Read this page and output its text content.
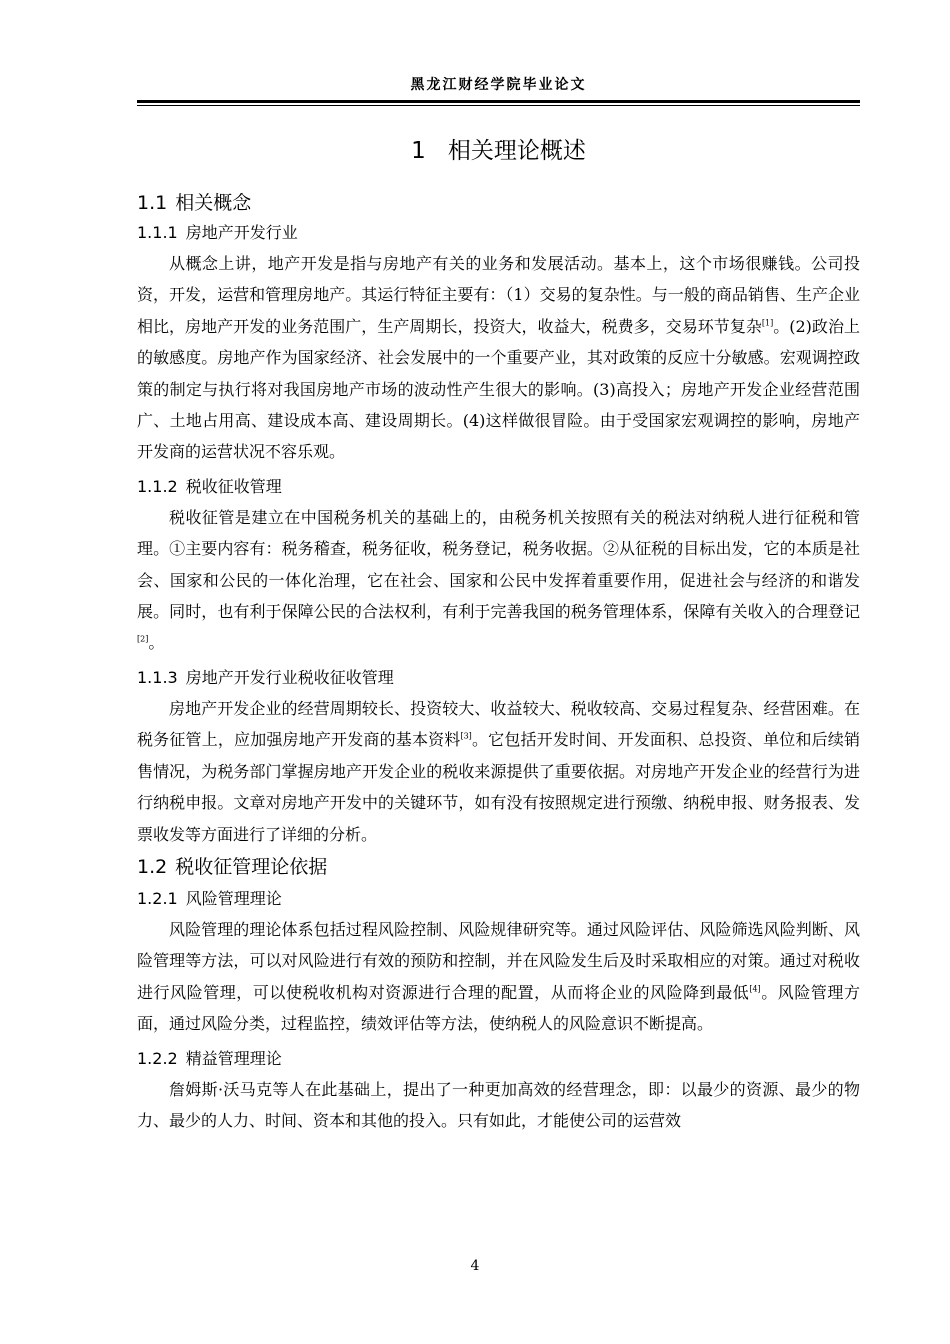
黑龙江财经学院毕业论文
1 相关理论概述
1.1 相关概念
1.1.1 房地产开发行业

从概念上讲，地产开发是指与房地产有关的业务和发展活动。基本上，这个市场很赚钱。公司投资，开发，运营和管理房地产。其运行特征主要有：（1）交易的复杂性。与一般的商品销售、生产企业相比，房地产开发的业务范围广，生产周期长，投资大，收益大，税费多，交易环节复杂[1]。(2)政治上的敏感度。房地产作为国家经济、社会发展中的一个重要产业，其对政策的反应十分敏感。宏观调控政策的制定与执行将对我国房地产市场的波动性产生很大的影响。(3)高投入；房地产开发企业经营范围广、土地占用高、建设成本高、建设周期长。(4)这样做很冒险。由于受国家宏观调控的影响，房地产开发商的运营状况不容乐观。

1.1.2 税收征收管理

税收征管是建立在中国税务机关的基础上的，由税务机关按照有关的税法对纳税人进行征税和管理。①主要内容有：税务稽查，税务征收，税务登记，税务收据。②从征税的目标出发，它的本质是社会、国家和公民的一体化治理，它在社会、国家和公民中发挥着重要作用，促进社会与经济的和谐发展。同时，也有利于保障公民的合法权利，有利于完善我国的税务管理体系，保障有关收入的合理登记[2]。

1.1.3 房地产开发行业税收征收管理

房地产开发企业的经营周期较长、投资较大、收益较大、税收较高、交易过程复杂、经营困难。在税务征管上，应加强房地产开发商的基本资料[3]。它包括开发时间、开发面积、总投资、单位和后续销售情况，为税务部门掌握房地产开发企业的税收来源提供了重要依据。对房地产开发企业的经营行为进行纳税申报。文章对房地产开发中的关键环节，如有没有按照规定进行预缴、纳税申报、财务报表、发票收发等方面进行了详细的分析。

1.2 税收征管理论依据
1.2.1 风险管理理论

风险管理的理论体系包括过程风险控制、风险规律研究等。通过风险评估、风险筛选风险判断、风险管理等方法，可以对风险进行有效的预防和控制，并在风险发生后及时采取相应的对策。通过对税收进行风险管理，可以使税收机构对资源进行合理的配置，从而将企业的风险降到最低[4]。风险管理方面，通过风险分类，过程监控，绩效评估等方法，使纳税人的风险意识不断提高。

1.2.2 精益管理理论

詹姆斯·沃马克等人在此基础上，提出了一种更加高效的经营理念，即：以最少的资源、最少的物力、最少的人力、时间、资本和其他的投入。只有如此，才能使公司的运营效

4
